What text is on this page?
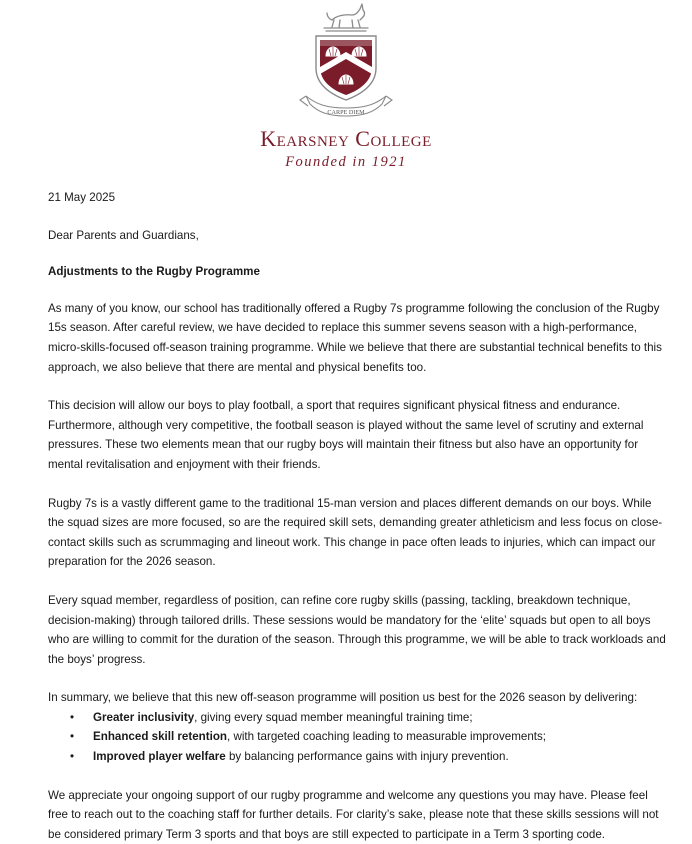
CARPE DIEM
Kearsney College
Founded in 1921

21 May 2025

Dear Parents and Guardians,

Adjustments to the Rugby Programme

As many of you know, our school has traditionally offered a Rugby 7s programme following the conclusion of the Rugby 15s season. After careful review, we have decided to replace this summer sevens season with a high-performance, micro-skills-focused off-season training programme. While we believe that there are substantial technical benefits to this approach, we also believe that there are mental and physical benefits too.

This decision will allow our boys to play football, a sport that requires significant physical fitness and endurance. Furthermore, although very competitive, the football season is played without the same level of scrutiny and external pressures. These two elements mean that our rugby boys will maintain their fitness but also have an opportunity for mental revitalisation and enjoyment with their friends.

Rugby 7s is a vastly different game to the traditional 15-man version and places different demands on our boys. While the squad sizes are more focused, so are the required skill sets, demanding greater athleticism and less focus on close-contact skills such as scrummaging and lineout work. This change in pace often leads to injuries, which can impact our preparation for the 2026 season.

Every squad member, regardless of position, can refine core rugby skills (passing, tackling, breakdown technique, decision-making) through tailored drills. These sessions would be mandatory for the ‘elite’ squads but open to all boys who are willing to commit for the duration of the season. Through this programme, we will be able to track workloads and the boys’ progress.

In summary, we believe that this new off-season programme will position us best for the 2026 season by delivering:

• Greater inclusivity, giving every squad member meaningful training time;
• Enhanced skill retention, with targeted coaching leading to measurable improvements;
• Improved player welfare by balancing performance gains with injury prevention.

We appreciate your ongoing support of our rugby programme and welcome any questions you may have. Please feel free to reach out to the coaching staff for further details. For clarity’s sake, please note that these skills sessions will not be considered primary Term 3 sports and that boys are still expected to participate in a Term 3 sporting code.
